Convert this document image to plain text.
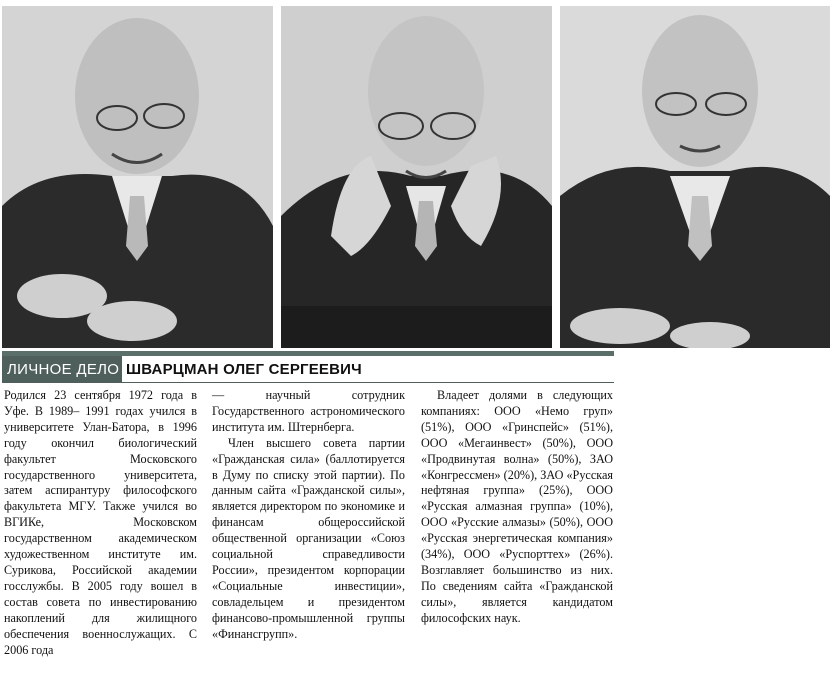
ЛИЧНОЕ ДЕЛО ШВАРЦМАН ОЛЕГ СЕРГЕЕВИЧ

Родился 23 сентября 1972 года в Уфе. В 1989– 1991 годах учился в университете Улан-Батора, в 1996 году окончил биологический факультет Московского государственного университета, затем аспирантуру философского факультета МГУ. Также учился во ВГИКе, Московском государственном академическом художественном институте им. Сурикова, Российской академии госслужбы. В 2005 году вошел в состав совета по инвестированию накоплений для жилищного обеспечения военнослужащих. С 2006 года

— научный сотрудник Государственного астрономического института им. Штернберга.

Член высшего совета партии «Гражданская сила» (баллотируется в Думу по списку этой партии). По данным сайта «Гражданской силы», является директором по экономике и финансам общероссийской общественной организации «Союз социальной справедливости России», президентом корпорации «Социальные инвестиции», совладельцем и президентом финансово-промышленной группы «Финансгрупп».

Владеет долями в следующих компаниях: ООО «Немо груп» (51%), ООО «Гринспейс» (51%), ООО «Мегаинвест» (50%), ООО «Продвинутая волна» (50%), ЗАО «Конгрессмен» (20%), ЗАО «Русская нефтяная группа» (25%), ООО «Русская алмазная группа» (10%), ООО «Русские алмазы» (50%), ООО «Русская энергетическая компания» (34%), ООО «Руспорттех» (26%). Возглавляет большинство из них. По сведениям сайта «Гражданской силы», является кандидатом философских наук.
